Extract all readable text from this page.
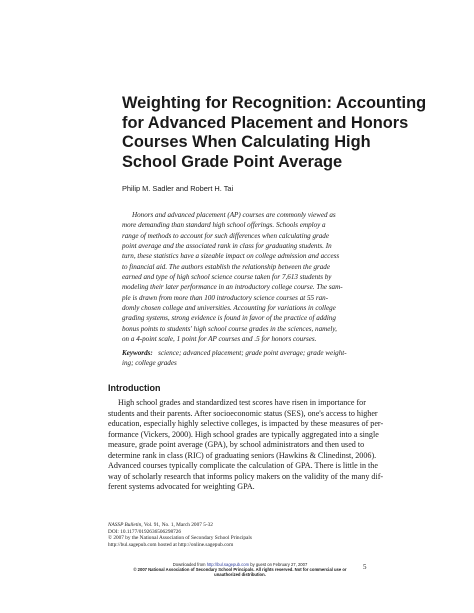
Weighting for Recognition: Accounting
for Advanced Placement and Honors
Courses When Calculating High
School Grade Point Average
Philip M. Sadler and Robert H. Tai
Honors and advanced placement (AP) courses are commonly viewed as
more demanding than standard high school offerings. Schools employ a
range of methods to account for such differences when calculating grade
point average and the associated rank in class for graduating students. In
turn, these statistics have a sizeable impact on college admission and access
to financial aid. The authors establish the relationship between the grade
earned and type of high school science course taken for 7,613 students by
modeling their later performance in an introductory college course. The sam-
ple is drawn from more than 100 introductory science courses at 55 ran-
domly chosen college and universities. Accounting for variations in college
grading systems, strong evidence is found in favor of the practice of adding
bonus points to students' high school course grades in the sciences, namely,
on a 4-point scale, 1 point for AP courses and .5 for honors courses.
Keywords: science; advanced placement; grade point average; grade weight-
ing; college grades
Introduction
High school grades and standardized test scores have risen in importance for
students and their parents. After socioeconomic status (SES), one's access to higher
education, especially highly selective colleges, is impacted by these measures of per-
formance (Vickers, 2000). High school grades are typically aggregated into a single
measure, grade point average (GPA), by school administrators and then used to
determine rank in class (RIC) of graduating seniors (Hawkins & Clinedinst, 2006).
Advanced courses typically complicate the calculation of GPA. There is little in the
way of scholarly research that informs policy makers on the validity of the many dif-
ferent systems advocated for weighting GPA.
NASSP Bulletin, Vol. 91, No. 1, March 2007 5-32
DOI: 10.1177/0192636506298726
© 2007 by the National Association of Secondary School Principals
http://bul.sagepub.com hosted at http://online.sagepub.com
Downloaded from http://bul.sagepub.com by guest on February 27, 2007
© 2007 National Association of Secondary School Principals. All rights reserved. Not for commercial use or
unauthorized distribution.
5
